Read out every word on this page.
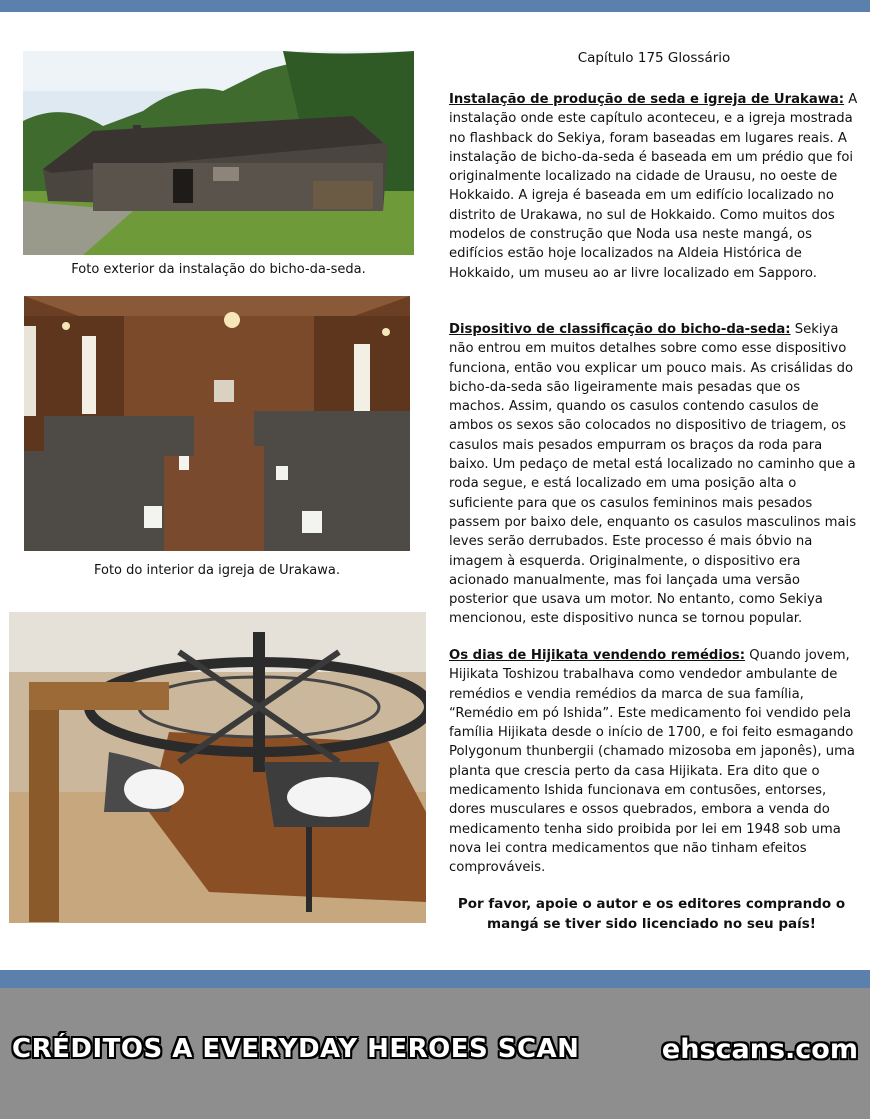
Foto exterior da instalação do bicho-da-seda.
Foto do interior da igreja de Urakawa.
Capítulo 175 Glossário

Instalação de produção de seda e igreja de Urakawa: A instalação onde este capítulo aconteceu, e a igreja mostrada no flashback do Sekiya, foram baseadas em lugares reais. A instalação de bicho-da-seda é baseada em um prédio que foi originalmente localizado na cidade de Urausu, no oeste de Hokkaido. A igreja é baseada em um edifício localizado no distrito de Urakawa, no sul de Hokkaido. Como muitos dos modelos de construção que Noda usa neste mangá, os edifícios estão hoje localizados na Aldeia Histórica de Hokkaido, um museu ao ar livre localizado em Sapporo.

Dispositivo de classificação do bicho-da-seda: Sekiya não entrou em muitos detalhes sobre como esse dispositivo funciona, então vou explicar um pouco mais. As crisálidas do bicho-da-seda são ligeiramente mais pesadas que os machos. Assim, quando os casulos contendo casulos de ambos os sexos são colocados no dispositivo de triagem, os casulos mais pesados empurram os braços da roda para baixo. Um pedaço de metal está localizado no caminho que a roda segue, e está localizado em uma posição alta o suficiente para que os casulos femininos mais pesados passem por baixo dele, enquanto os casulos masculinos mais leves serão derrubados. Este processo é mais óbvio na imagem à esquerda. Originalmente, o dispositivo era acionado manualmente, mas foi lançada uma versão posterior que usava um motor. No entanto, como Sekiya mencionou, este dispositivo nunca se tornou popular.

Os dias de Hijikata vendendo remédios: Quando jovem, Hijikata Toshizou trabalhava como vendedor ambulante de remédios e vendia remédios da marca de sua família, “Remédio em pó Ishida”. Este medicamento foi vendido pela família Hijikata desde o início de 1700, e foi feito esmagando Polygonum thunbergii (chamado mizosoba em japonês), uma planta que crescia perto da casa Hijikata. Era dito que o medicamento Ishida funcionava em contusões, entorses, dores musculares e ossos quebrados, embora a venda do medicamento tenha sido proibida por lei em 1948 sob uma nova lei contra medicamentos que não tinham efeitos comprováveis.

Por favor, apoie o autor e os editores comprando o mangá se tiver sido licenciado no seu país!
CRÉDITOS A EVERYDAY HEROES SCAN	ehscans.com
